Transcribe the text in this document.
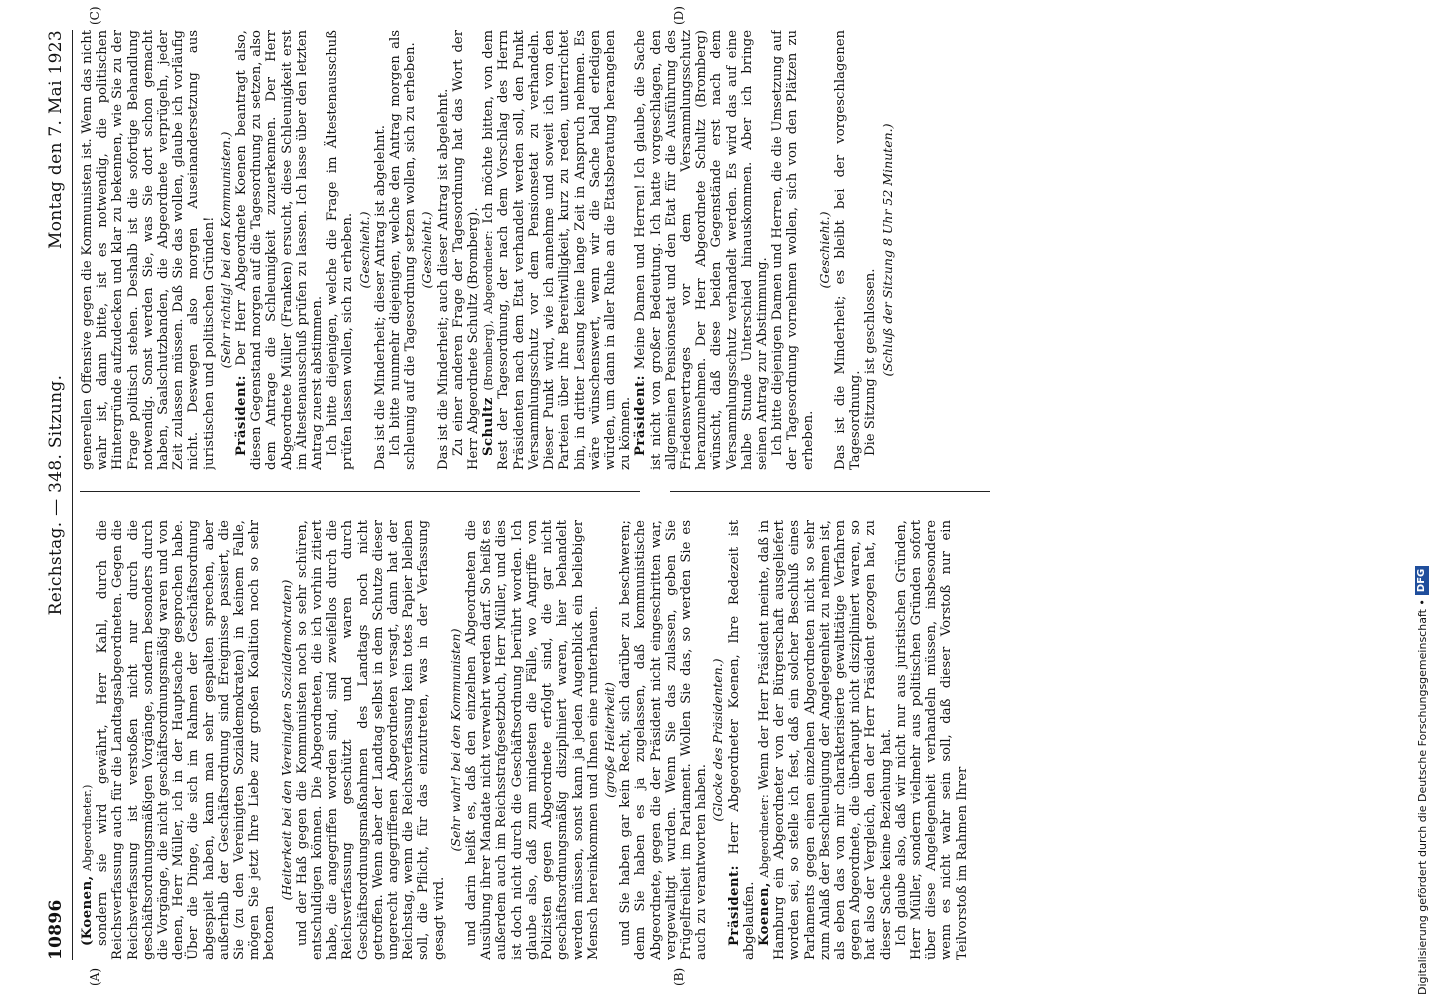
10896
Reichstag. — 348. Sitzung.
Montag den 7. Mai 1923
(A)	(B)
(C)	(D)

(Koenen, Abgeordneter.) sondern sie wird gewährt, Herr Kahl, durch die Reichsverfassung auch für die Landtagsabgeordneten. Gegen die Reichsverfassung ist verstoßen nicht nur durch die geschäftsordnungsmäßigen Vorgänge, sondern besonders durch die Vorgänge, die nicht geschäftsordnungsmäßig waren und von denen, Herr Müller, ich in der Hauptsache gesprochen habe. Über die Dinge, die sich im Rahmen der Geschäftsordnung abgespielt haben, kann man sehr gespalten sprechen, aber außerhalb der Geschäftsordnung sind Ereignisse passiert, die Sie (zu den Vereinigten Sozialdemokraten) in keinem Falle, mögen Sie jetzt Ihre Liebe zur großen Koalition noch so sehr betonen

(Heiterkeit bei den Vereinigten Sozialdemokraten) und der Haß gegen die Kommunisten noch so sehr schüren, entschuldigen können. Die Abgeordneten, die ich vorhin zitiert habe, die angegriffen worden sind, sind zweifellos durch die Reichsverfassung geschützt und waren durch Geschäftsordnungsmaßnahmen des Landtags noch nicht getroffen. Wenn aber der Landtag selbst in dem Schutze dieser ungerecht angegriffenen Abgeordneten versagt, dann hat der Reichstag, wenn die Reichsverfassung kein totes Papier bleiben soll, die Pflicht, für das einzutreten, was in der Verfassung gesagt wird.

(Sehr wahr! bei den Kommunisten) und darin heißt es, daß den einzelnen Abgeordneten die Ausübung ihrer Mandate nicht verwehrt werden darf. So heißt es außerdem auch im Reichsstrafgesetzbuch, Herr Müller, und dies ist doch nicht durch die Geschäftsordnung berührt worden. Ich glaube also, daß zum mindesten die Fälle, wo Angriffe von Polizisten gegen Abgeordnete erfolgt sind, die gar nicht geschäftsordnungsmäßig diszipliniert waren, hier behandelt werden müssen, sonst kann ja jeden Augenblick ein beliebiger Mensch hereinkommen und Ihnen eine runterhauen. (große Heiterkeit) und Sie haben gar kein Recht, sich darüber zu beschweren; denn Sie haben es ja zugelassen, daß kommunistische Abgeordnete, gegen die der Präsident nicht eingeschritten war, vergewaltigt wurden. Wenn Sie das zulassen, geben Sie Prügelfreiheit im Parlament. Wollen Sie das, so werden Sie es auch zu verantworten haben.

(Glocke des Präsidenten.)

Präsident: Herr Abgeordneter Koenen, Ihre Redezeit ist abgelaufen. Koenen, Abgeordneter: Wenn der Herr Präsident meinte, daß in Hamburg ein Abgeordneter von der Bürgerschaft ausgeliefert worden sei, so stelle ich fest, daß ein solcher Beschluß eines Parlaments gegen einen einzelnen Abgeordneten nicht so sehr zum Anlaß der Beschleunigung der Angelegenheit zu nehmen ist, als eben das von mir charakterisierte gewalttätige Verfahren gegen Abgeordnete, die überhaupt nicht diszipliniert waren, so hat also der Vergleich, den der Herr Präsident gezogen hat, zu dieser Sache keine Beziehung hat. Ich glaube also, daß wir nicht nur aus juristischen Gründen, Herr Müller, sondern vielmehr aus politischen Gründen sofort über diese Angelegenheit verhandeln müssen, insbesondere wenn es nicht wahr sein soll, daß dieser Vorstoß nur ein Teilvorstoß im Rahmen Ihrer

generellen Offensive gegen die Kommunisten ist. Wenn das nicht wahr ist, dann bitte, ist es notwendig, die politischen Hintergründe aufzudecken und klar zu bekennen, wie Sie zu der Frage politisch stehen. Deshalb ist die sofortige Behandlung notwendig. Sonst werden Sie, was Sie dort schon gemacht haben, Saalschutzbanden, die Abgeordnete verprügeln, jeder Zeit zulassen müssen. Daß Sie das wollen, glaube ich vorläufig nicht. Deswegen also morgen Auseinandersetzung aus juristischen und politischen Gründen! (Sehr richtig! bei den Kommunisten.)

Präsident: Der Herr Abgeordnete Koenen beantragt also, diesen Gegenstand morgen auf die Tagesordnung zu setzen, also dem Antrage die Schleunigkeit zuzuerkennen. Der Herr Abgeordnete Müller (Franken) ersucht, diese Schleunigkeit erst im Ältestenausschuß prüfen zu lassen. Ich lasse über den letzten Antrag zuerst abstimmen. Ich bitte diejenigen, welche die Frage im Ältestenausschuß prüfen lassen wollen, sich zu erheben. (Geschieht.) Das ist die Minderheit; dieser Antrag ist abgelehnt. Ich bitte nunmehr diejenigen, welche den Antrag morgen als schleunig auf die Tagesordnung setzen wollen, sich zu erheben. (Geschieht.) Das ist die Minderheit; auch dieser Antrag ist abgelehnt. Zu einer anderen Frage der Tagesordnung hat das Wort der Herr Abgeordnete Schultz (Bromberg). Schultz (Bromberg), Abgeordneter: Ich möchte bitten, von dem Rest der Tagesordnung, der nach dem Vorschlag des Herrn Präsidenten nach dem Etat verhandelt werden soll, den Punkt Versammlungsschutz vor dem Pensionsetat zu verhandeln. Dieser Punkt wird, wie ich annehme und soweit ich von den Parteien über ihre Bereitwilligkeit, kurz zu reden, unterrichtet bin, in dritter Lesung keine lange Zeit in Anspruch nehmen. Es wäre wünschenswert, wenn wir die Sache bald erledigen würden, um dann in aller Ruhe an die Etatsberatung herangehen zu können. Präsident: Meine Damen und Herren! Ich glaube, die Sache ist nicht von großer Bedeutung. Ich hatte vorgeschlagen, den allgemeinen Pensionsetat und den Etat für die Ausführung des Friedensvertrages vor dem Versammlungsschutz heranzunehmen. Der Herr Abgeordnete Schultz (Bromberg) wünscht, daß diese beiden Gegenstände erst nach dem Versammlungsschutz verhandelt werden. Es wird das auf eine halbe Stunde Unterschied hinauskommen. Aber ich bringe seinen Antrag zur Abstimmung. Ich bitte diejenigen Damen und Herren, die die Umsetzung auf der Tagesordnung vornehmen wollen, sich von den Plätzen zu erheben.

(Geschieht.) Das ist die Minderheit; es bleibt bei der vorgeschlagenen Tagesordnung. Die Sitzung ist geschlossen. (Schluß der Sitzung 8 Uhr 52 Minuten.)

Digitalisierung gefördert durch die Deutsche Forschungsgemeinschaft •
DFG
